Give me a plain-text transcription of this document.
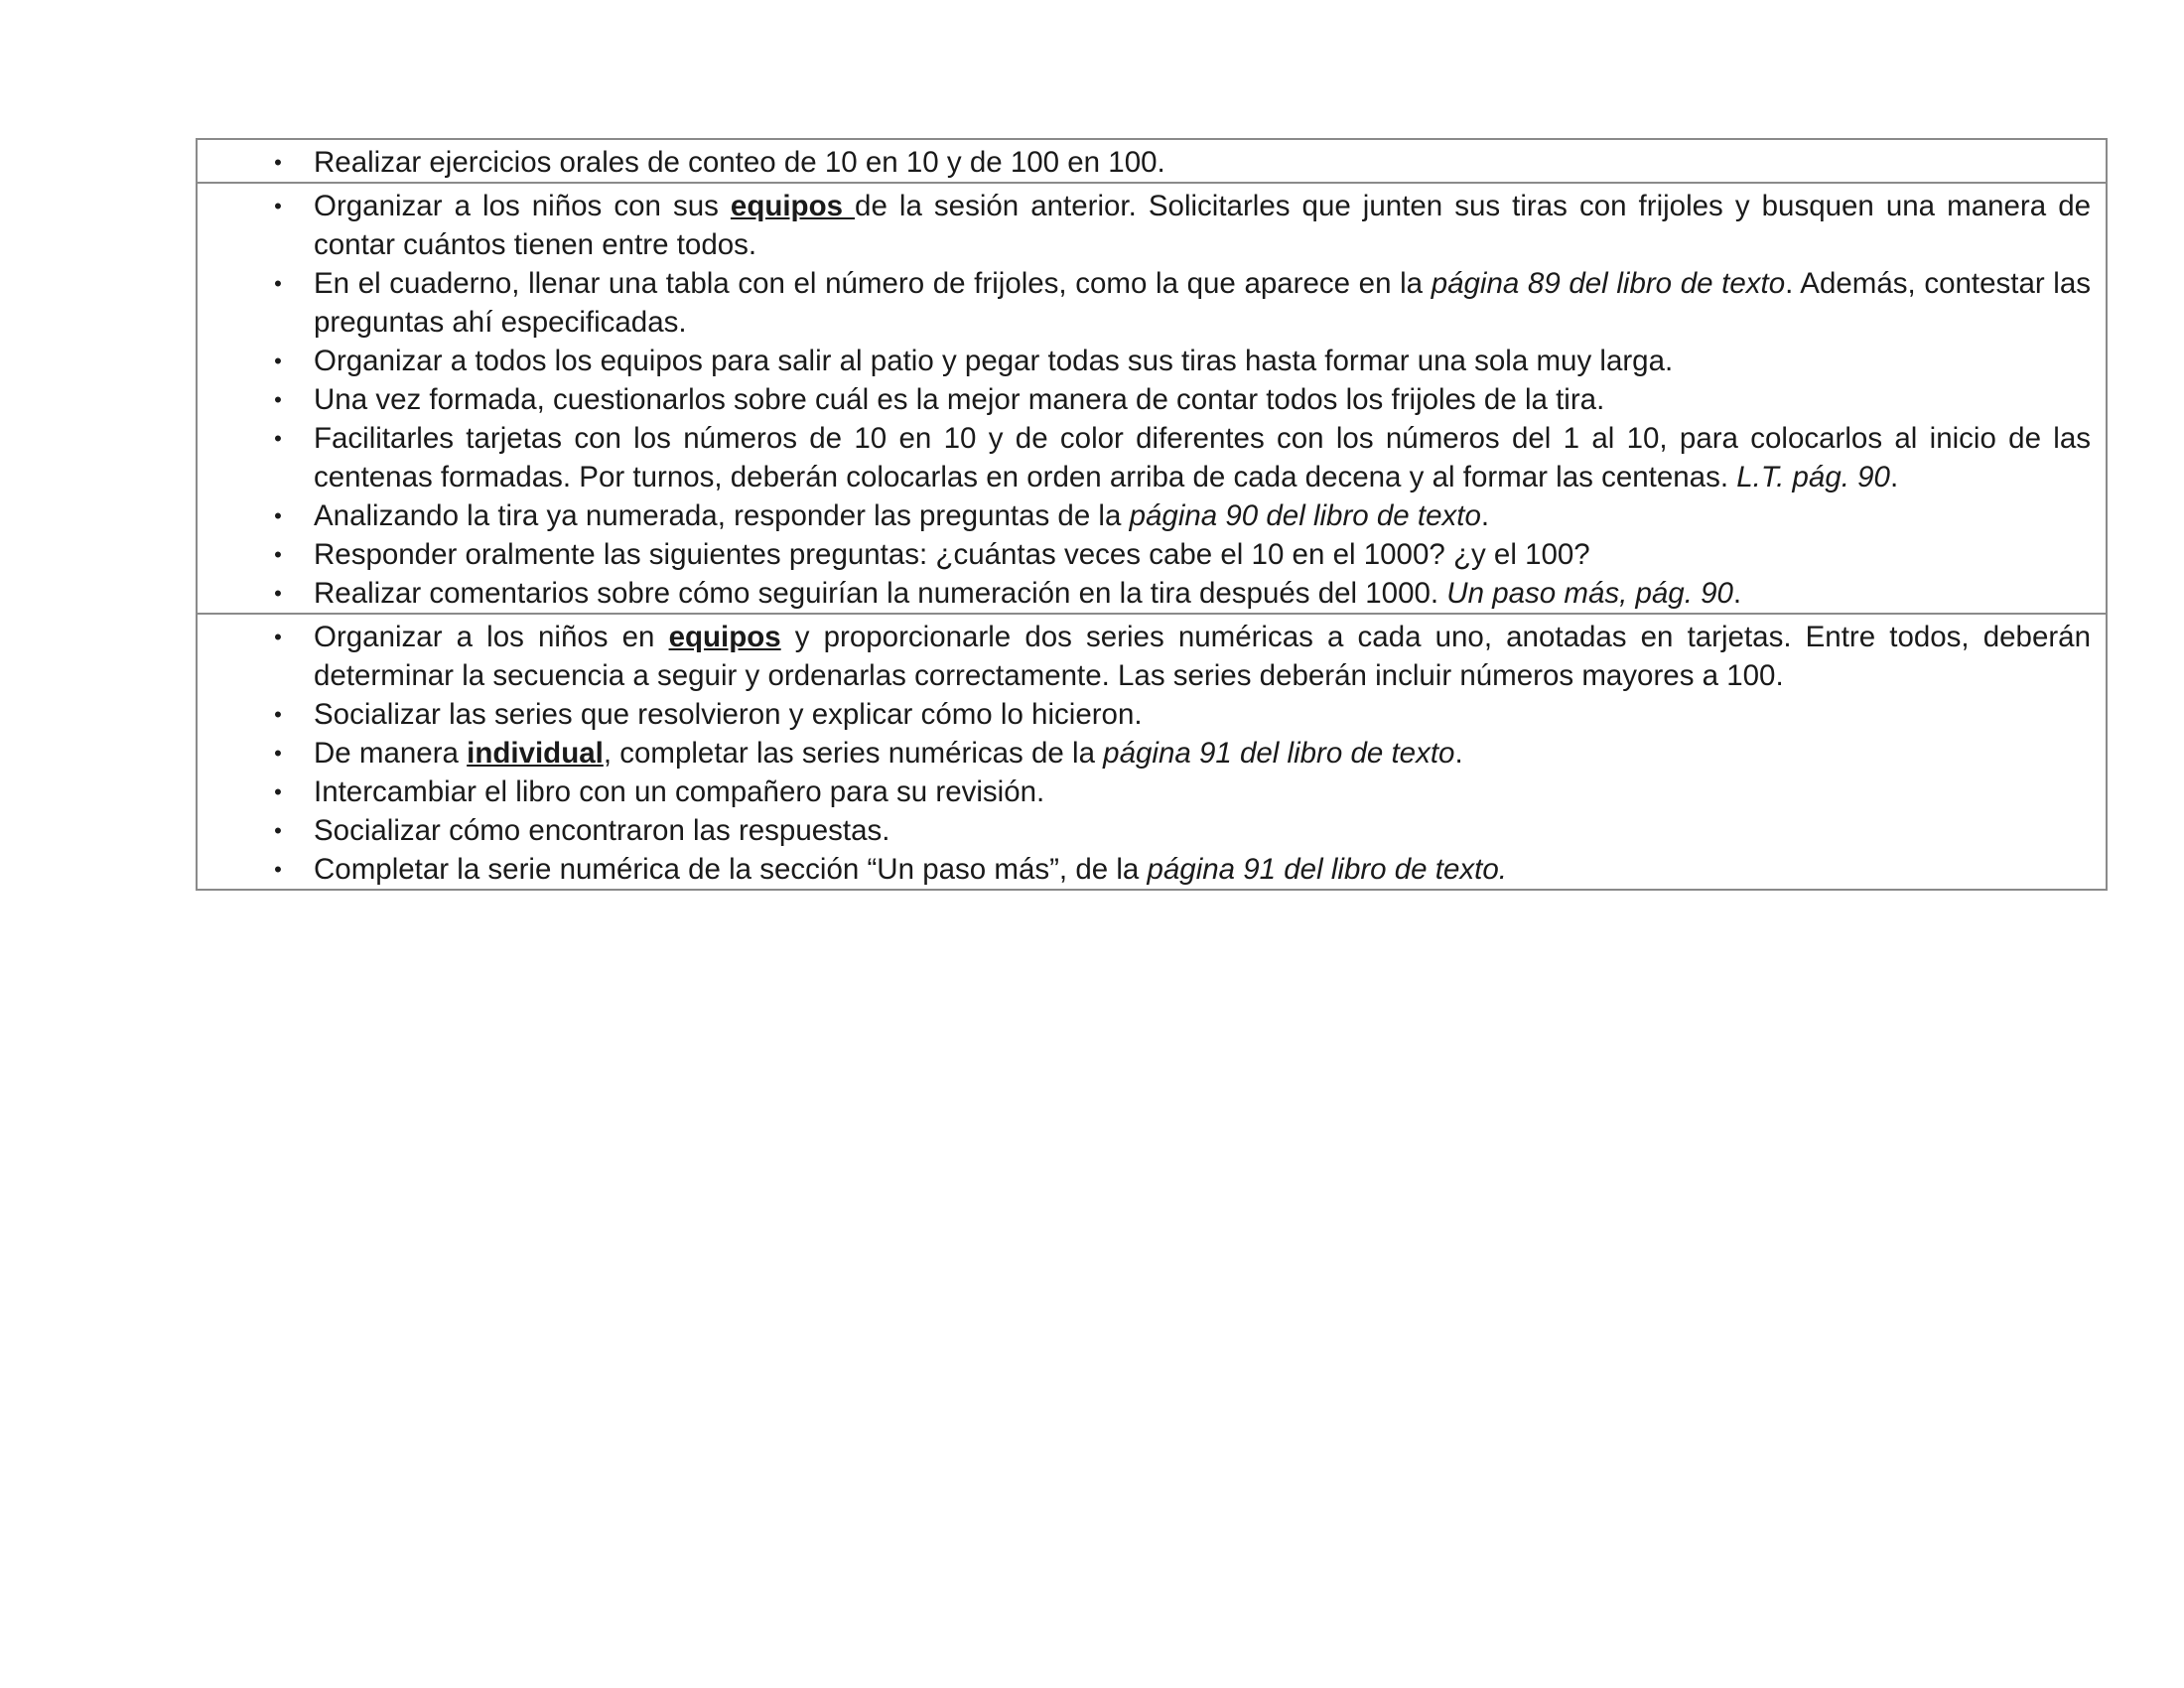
• Realizar ejercicios orales de conteo de 10 en 10 y de 100 en 100.

• Organizar a los niños con sus equipos de la sesión anterior. Solicitarles que junten sus tiras con frijoles y busquen una manera de contar cuántos tienen entre todos.
• En el cuaderno, llenar una tabla con el número de frijoles, como la que aparece en la página 89 del libro de texto. Además, contestar las preguntas ahí especificadas.
• Organizar a todos los equipos para salir al patio y pegar todas sus tiras hasta formar una sola muy larga.
• Una vez formada, cuestionarlos sobre cuál es la mejor manera de contar todos los frijoles de la tira.
• Facilitarles tarjetas con los números de 10 en 10 y de color diferentes con los números del 1 al 10, para colocarlos al inicio de las centenas formadas. Por turnos, deberán colocarlas en orden arriba de cada decena y al formar las centenas. L.T. pág. 90.
• Analizando la tira ya numerada, responder las preguntas de la página 90 del libro de texto.
• Responder oralmente las siguientes preguntas: ¿cuántas veces cabe el 10 en el 1000? ¿y el 100?
• Realizar comentarios sobre cómo seguirían la numeración en la tira después del 1000. Un paso más, pág. 90.

• Organizar a los niños en equipos y proporcionarle dos series numéricas a cada uno, anotadas en tarjetas. Entre todos, deberán determinar la secuencia a seguir y ordenarlas correctamente. Las series deberán incluir números mayores a 100.
• Socializar las series que resolvieron y explicar cómo lo hicieron.
• De manera individual, completar las series numéricas de la página 91 del libro de texto.
• Intercambiar el libro con un compañero para su revisión.
• Socializar cómo encontraron las respuestas.
• Completar la serie numérica de la sección “Un paso más”, de la página 91 del libro de texto.
